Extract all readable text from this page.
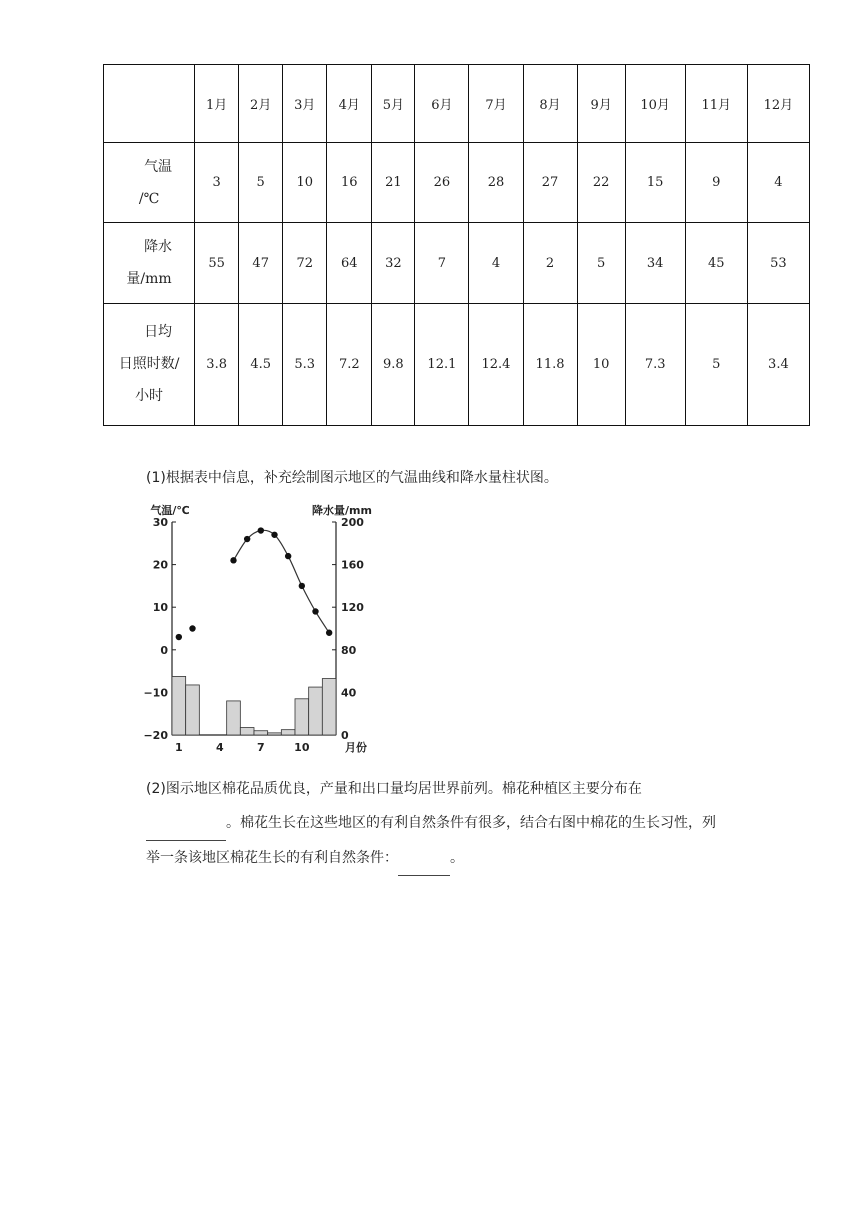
	1月	2月	3月	4月	5月	6月	7月	8月	9月	10月	11月	12月

气温
/℃	3	5	10	16	21	26	28	27	22	15	9	4

降水
量/mm	55	47	72	64	32	7	4	2	5	34	45	53

日均
日照时数/
小时	3.8	4.5	5.3	7.2	9.8	12.1	12.4	11.8	10	7.3	5	3.4
(1)根据表中信息，补充绘制图示地区的气温曲线和降水量柱状图。
30
20
10
0
−10
−20
200
160
120
80
40
0
1	4	7	10
气温/℃	降水量/mm
月份
(2)图示地区棉花品质优良，产量和出口量均居世界前列。棉花种植区主要分布在
。棉花生长在这些地区的有利自然条件有很多，结合右图中棉花的生长习性，列举一条该地区棉花生长的有利自然条件：	。
